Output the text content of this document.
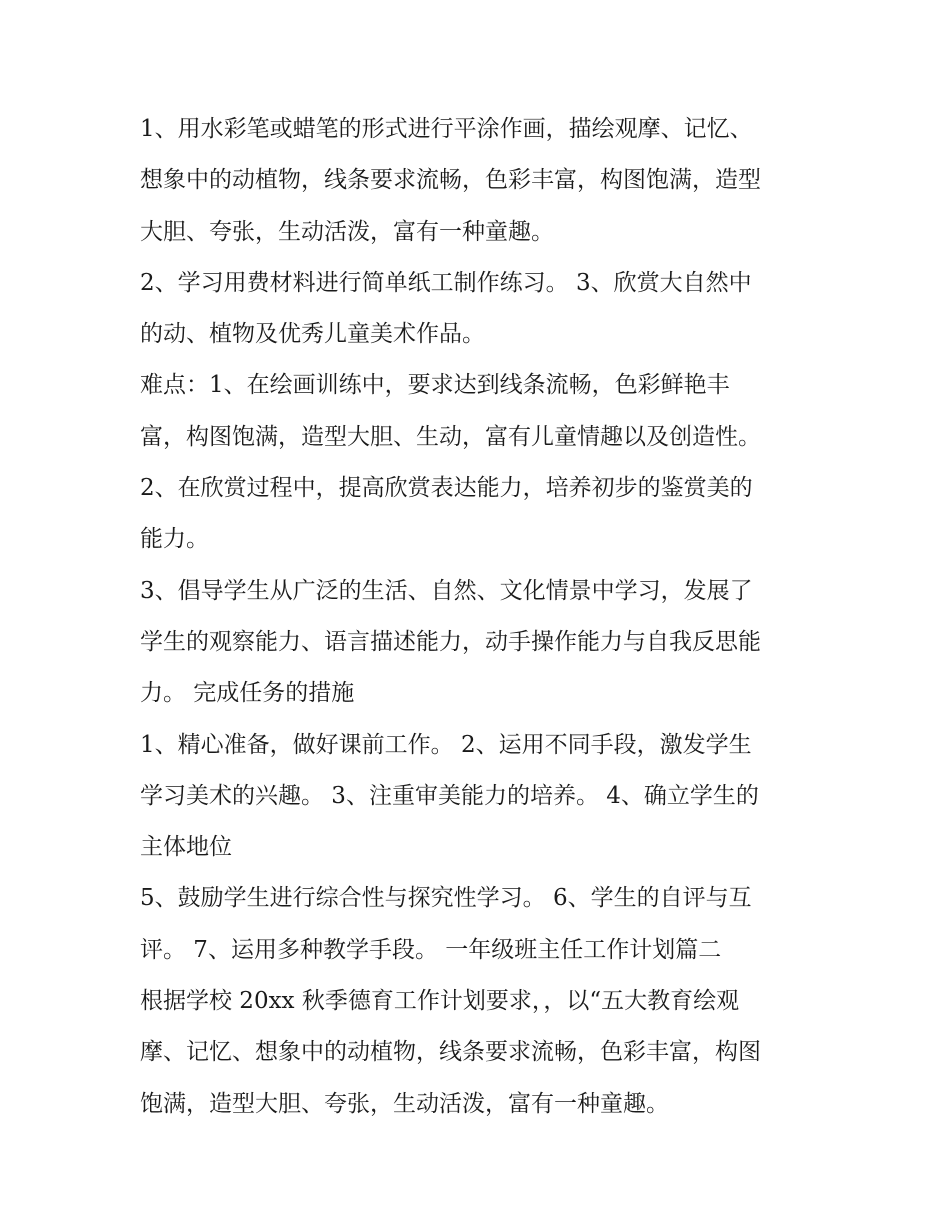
1、用水彩笔或蜡笔的形式进行平涂作画，描绘观摩、记忆、
想象中的动植物，线条要求流畅，色彩丰富，构图饱满，造型
大胆、夸张，生动活泼，富有一种童趣。
2、学习用费材料进行简单纸工制作练习。 3、欣赏大自然中
的动、植物及优秀儿童美术作品。
难点：1、在绘画训练中，要求达到线条流畅，色彩鲜艳丰
富，构图饱满，造型大胆、生动，富有儿童情趣以及创造性。
2、在欣赏过程中，提高欣赏表达能力，培养初步的鉴赏美的
能力。
3、倡导学生从广泛的生活、自然、文化情景中学习，发展了
学生的观察能力、语言描述能力，动手操作能力与自我反思能
力。 完成任务的措施
1、精心准备，做好课前工作。 2、运用不同手段，激发学生
学习美术的兴趣。 3、注重审美能力的培养。 4、确立学生的
主体地位
5、鼓励学生进行综合性与探究性学习。 6、学生的自评与互
评。 7、运用多种教学手段。 一年级班主任工作计划篇二
根据学校 20xx 秋季德育工作计划要求，，以“五大教育绘观
摩、记忆、想象中的动植物，线条要求流畅，色彩丰富，构图
饱满，造型大胆、夸张，生动活泼，富有一种童趣。
